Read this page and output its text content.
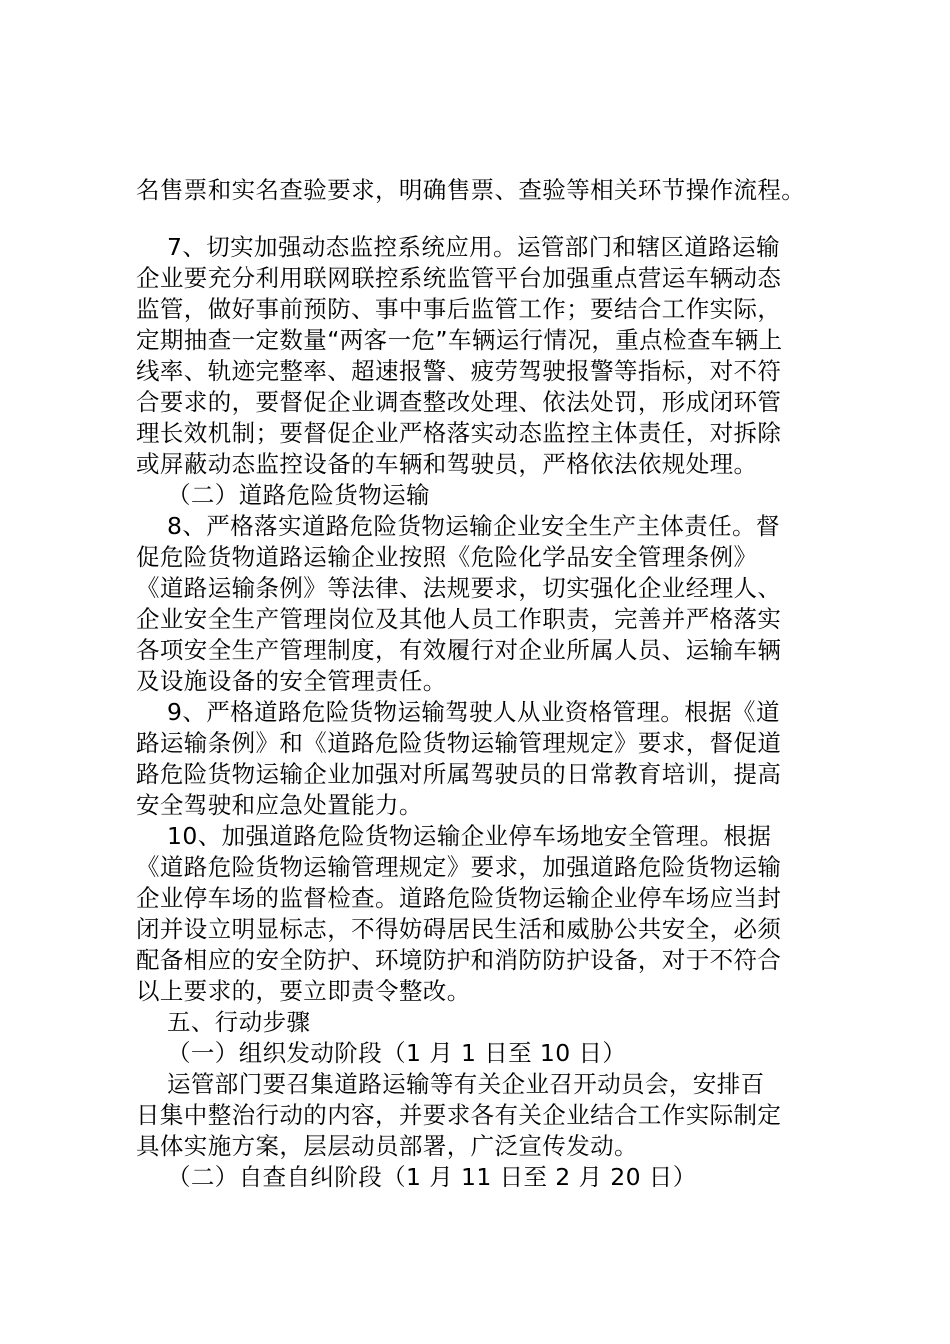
名售票和实名查验要求，明确售票、查验等相关环节操作流程。
7、切实加强动态监控系统应用。运管部门和辖区道路运输
企业要充分利用联网联控系统监管平台加强重点营运车辆动态
监管，做好事前预防、事中事后监管工作；要结合工作实际，
定期抽查一定数量“两客一危”车辆运行情况，重点检查车辆上
线率、轨迹完整率、超速报警、疲劳驾驶报警等指标，对不符
合要求的，要督促企业调查整改处理、依法处罚，形成闭环管
理长效机制；要督促企业严格落实动态监控主体责任，对拆除
或屏蔽动态监控设备的车辆和驾驶员，严格依法依规处理。
（二）道路危险货物运输
8、严格落实道路危险货物运输企业安全生产主体责任。督
促危险货物道路运输企业按照《危险化学品安全管理条例》
《道路运输条例》等法律、法规要求，切实强化企业经理人、
企业安全生产管理岗位及其他人员工作职责，完善并严格落实
各项安全生产管理制度，有效履行对企业所属人员、运输车辆
及设施设备的安全管理责任。
9、严格道路危险货物运输驾驶人从业资格管理。根据《道
路运输条例》和《道路危险货物运输管理规定》要求，督促道
路危险货物运输企业加强对所属驾驶员的日常教育培训，提高
安全驾驶和应急处置能力。
10、加强道路危险货物运输企业停车场地安全管理。根据
《道路危险货物运输管理规定》要求，加强道路危险货物运输
企业停车场的监督检查。道路危险货物运输企业停车场应当封
闭并设立明显标志，不得妨碍居民生活和威胁公共安全，必须
配备相应的安全防护、环境防护和消防防护设备，对于不符合
以上要求的，要立即责令整改。
五、行动步骤
（一）组织发动阶段（1 月 1 日至 10 日）
运管部门要召集道路运输等有关企业召开动员会，安排百
日集中整治行动的内容，并要求各有关企业结合工作实际制定
具体实施方案，层层动员部署，广泛宣传发动。
（二）自查自纠阶段（1 月 11 日至 2 月 20 日）
